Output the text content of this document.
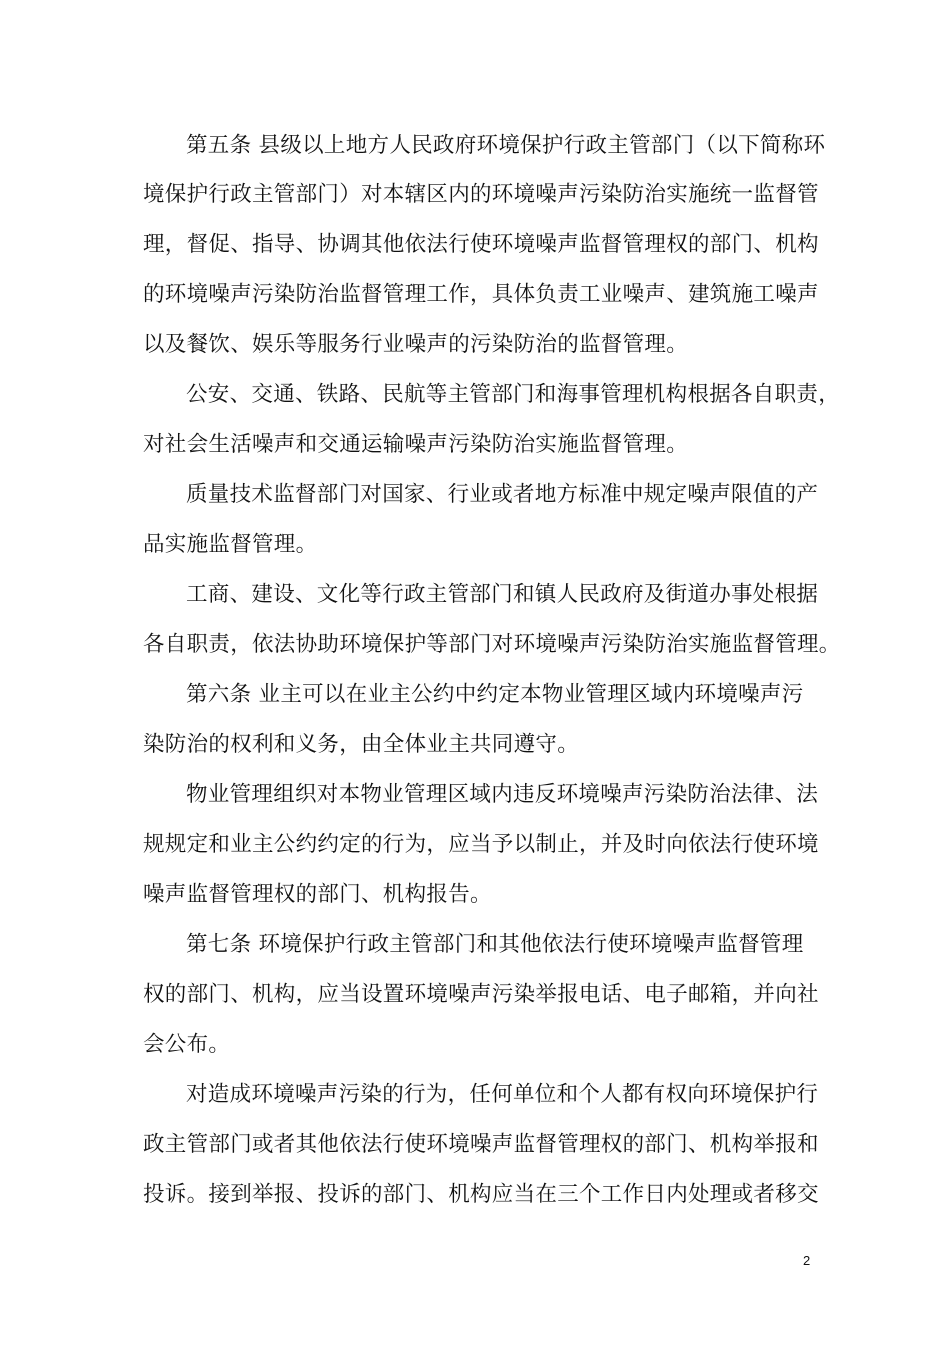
第五条 县级以上地方人民政府环境保护行政主管部门（以下简称环
境保护行政主管部门）对本辖区内的环境噪声污染防治实施统一监督管
理，督促、指导、协调其他依法行使环境噪声监督管理权的部门、机构
的环境噪声污染防治监督管理工作，具体负责工业噪声、建筑施工噪声
以及餐饮、娱乐等服务行业噪声的污染防治的监督管理。
公安、交通、铁路、民航等主管部门和海事管理机构根据各自职责，
对社会生活噪声和交通运输噪声污染防治实施监督管理。
质量技术监督部门对国家、行业或者地方标准中规定噪声限值的产
品实施监督管理。
工商、建设、文化等行政主管部门和镇人民政府及街道办事处根据
各自职责，依法协助环境保护等部门对环境噪声污染防治实施监督管理。
第六条 业主可以在业主公约中约定本物业管理区域内环境噪声污
染防治的权利和义务，由全体业主共同遵守。
物业管理组织对本物业管理区域内违反环境噪声污染防治法律、法
规规定和业主公约约定的行为，应当予以制止，并及时向依法行使环境
噪声监督管理权的部门、机构报告。
第七条 环境保护行政主管部门和其他依法行使环境噪声监督管理
权的部门、机构，应当设置环境噪声污染举报电话、电子邮箱，并向社
会公布。
对造成环境噪声污染的行为，任何单位和个人都有权向环境保护行
政主管部门或者其他依法行使环境噪声监督管理权的部门、机构举报和
投诉。接到举报、投诉的部门、机构应当在三个工作日内处理或者移交
2
